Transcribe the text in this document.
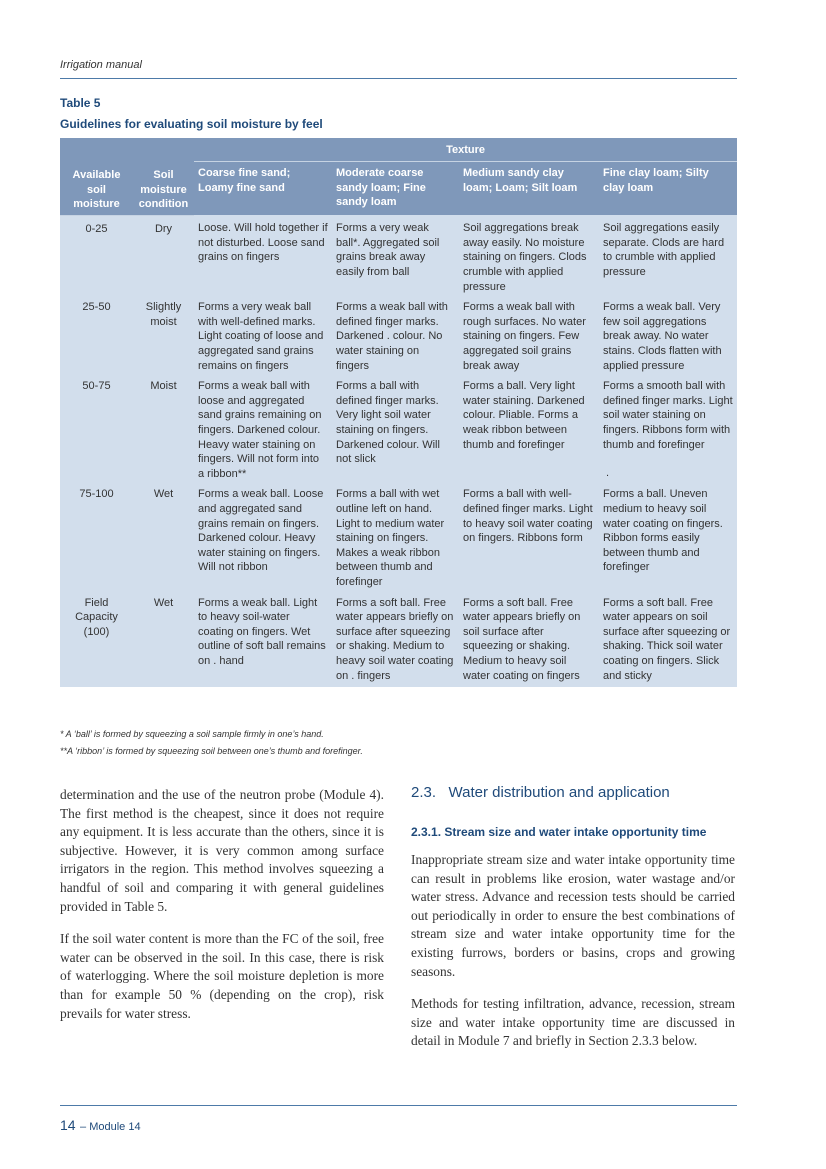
Irrigation manual
Table 5
Guidelines for evaluating soil moisture by feel
Available soil moisture	Soil moisture condition	Texture			
		Coarse fine sand; Loamy fine sand	Moderate coarse sandy loam; Fine sandy loam	Medium sandy clay loam; Loam; Silt loam	Fine clay loam; Silty clay loam
0-25	Dry	Loose. Will hold together if not disturbed. Loose sand grains on fingers	Forms a very weak ball*. Aggregated soil grains break away easily from ball	Soil aggregations break away easily. No moisture staining on fingers. Clods crumble with applied pressure	Soil aggregations easily separate. Clods are hard to crumble with applied pressure
25-50	Slightly moist	Forms a very weak ball with well-defined marks. Light coating of loose and aggregated sand grains remains on fingers	Forms a weak ball with defined finger marks. Darkened . colour. No water staining on fingers	Forms a weak ball with rough surfaces. No water staining on fingers. Few aggregated soil grains break away	Forms a weak ball. Very few soil aggregations break away. No water stains. Clods flatten with applied pressure
50-75	Moist	Forms a weak ball with loose and aggregated sand grains remaining on fingers. Darkened colour. Heavy water staining on fingers. Will not form into a ribbon**	Forms a ball with defined finger marks. Very light soil water staining on fingers. Darkened colour. Will not slick	Forms a ball. Very light water staining. Darkened colour. Pliable. Forms a weak ribbon between thumb and forefinger	Forms a smooth ball with defined finger marks. Light soil water staining on fingers. Ribbons form with thumb and forefinger
.

75-100	Wet	Forms a weak ball. Loose and aggregated sand grains remain on fingers. Darkened colour. Heavy water staining on fingers. Will not ribbon	Forms a ball with wet outline left on hand. Light to medium water staining on fingers. Makes a weak ribbon between thumb and forefinger	Forms a ball with well-defined finger marks. Light to heavy soil water coating on fingers. Ribbons form	Forms a ball. Uneven medium to heavy soil water coating on fingers. Ribbon forms easily between thumb and forefinger
Field Capacity (100)	Wet	Forms a weak ball. Light to heavy soil-water coating on fingers. Wet outline of soft ball remains on . hand	Forms a soft ball. Free water appears briefly on surface after squeezing or shaking. Medium to heavy soil water coating on . fingers	Forms a soft ball. Free water appears briefly on soil surface after squeezing or shaking. Medium to heavy soil water coating on fingers	Forms a soft ball. Free water appears on soil surface after squeezing or shaking. Thick soil water coating on fingers. Slick and sticky
* A ‘ball’ is formed by squeezing a soil sample firmly in one’s hand.
**A ‘ribbon’ is formed by squeezing soil between one’s thumb and forefinger.

determination and the use of the neutron probe (Module 4). The first method is the cheapest, since it does not require any equipment. It is less accurate than the others, since it is subjective. However, it is very common among surface irrigators in the region. This method involves squeezing a handful of soil and comparing it with general guidelines provided in Table 5.

If the soil water content is more than the FC of the soil, free water can be observed in the soil. In this case, there is risk of waterlogging. Where the soil moisture depletion is more than for example 50 % (depending on the crop), risk prevails for water stress.

2.3.   Water distribution and application
2.3.1. Stream size and water intake opportunity time

Inappropriate stream size and water intake opportunity time can result in problems like erosion, water wastage and/or water stress. Advance and recession tests should be carried out periodically in order to ensure the best combinations of stream size and water intake opportunity time for the existing furrows, borders or basins, crops and growing seasons.

Methods for testing infiltration, advance, recession, stream size and water intake opportunity time are discussed in detail in Module 7 and briefly in Section 2.3.3 below.

14 – Module 14
